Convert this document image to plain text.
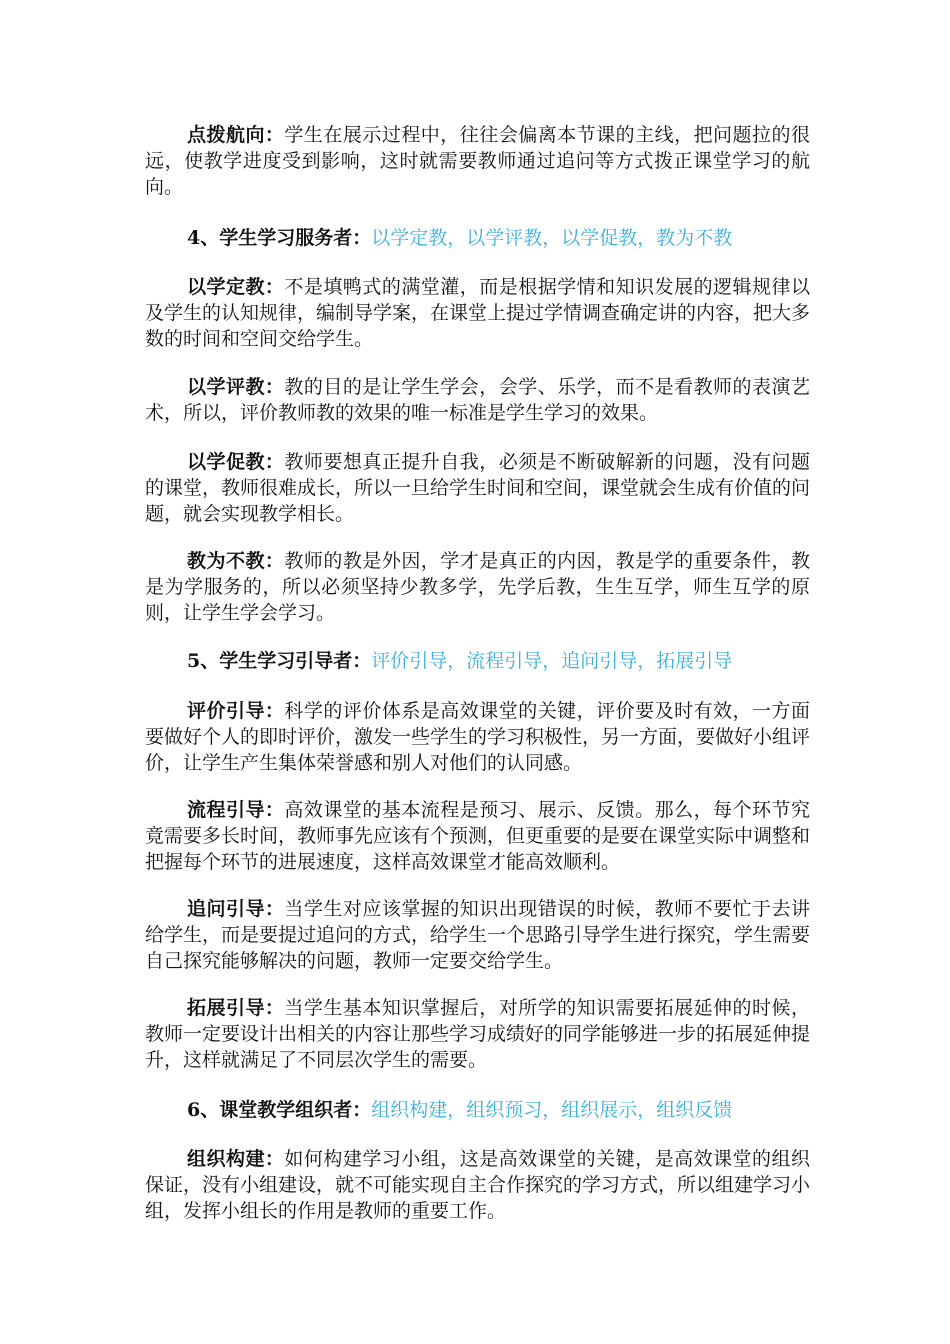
点拨航向：学生在展示过程中，往往会偏离本节课的主线，把问题拉的很远，使教学进度受到影响，这时就需要教师通过追问等方式拨正课堂学习的航向。

4、学生学习服务者：以学定教，以学评教，以学促教，教为不教

以学定教：不是填鸭式的满堂灌，而是根据学情和知识发展的逻辑规律以及学生的认知规律，编制导学案，在课堂上提过学情调查确定讲的内容，把大多数的时间和空间交给学生。

以学评教：教的目的是让学生学会，会学、乐学，而不是看教师的表演艺术，所以，评价教师教的效果的唯一标准是学生学习的效果。

以学促教：教师要想真正提升自我，必须是不断破解新的问题，没有问题的课堂，教师很难成长，所以一旦给学生时间和空间，课堂就会生成有价值的问题，就会实现教学相长。

教为不教：教师的教是外因，学才是真正的内因，教是学的重要条件，教是为学服务的，所以必须坚持少教多学，先学后教，生生互学，师生互学的原则，让学生学会学习。

5、学生学习引导者：评价引导，流程引导，追问引导，拓展引导

评价引导：科学的评价体系是高效课堂的关键，评价要及时有效，一方面要做好个人的即时评价，激发一些学生的学习积极性，另一方面，要做好小组评价，让学生产生集体荣誉感和别人对他们的认同感。

流程引导：高效课堂的基本流程是预习、展示、反馈。那么，每个环节究竟需要多长时间，教师事先应该有个预测，但更重要的是要在课堂实际中调整和把握每个环节的进展速度，这样高效课堂才能高效顺利。

追问引导：当学生对应该掌握的知识出现错误的时候，教师不要忙于去讲给学生，而是要提过追问的方式，给学生一个思路引导学生进行探究，学生需要自己探究能够解决的问题，教师一定要交给学生。

拓展引导：当学生基本知识掌握后，对所学的知识需要拓展延伸的时候，教师一定要设计出相关的内容让那些学习成绩好的同学能够进一步的拓展延伸提升，这样就满足了不同层次学生的需要。

6、课堂教学组织者：组织构建，组织预习，组织展示，组织反馈

组织构建：如何构建学习小组，这是高效课堂的关键，是高效课堂的组织保证，没有小组建设，就不可能实现自主合作探究的学习方式，所以组建学习小组，发挥小组长的作用是教师的重要工作。
